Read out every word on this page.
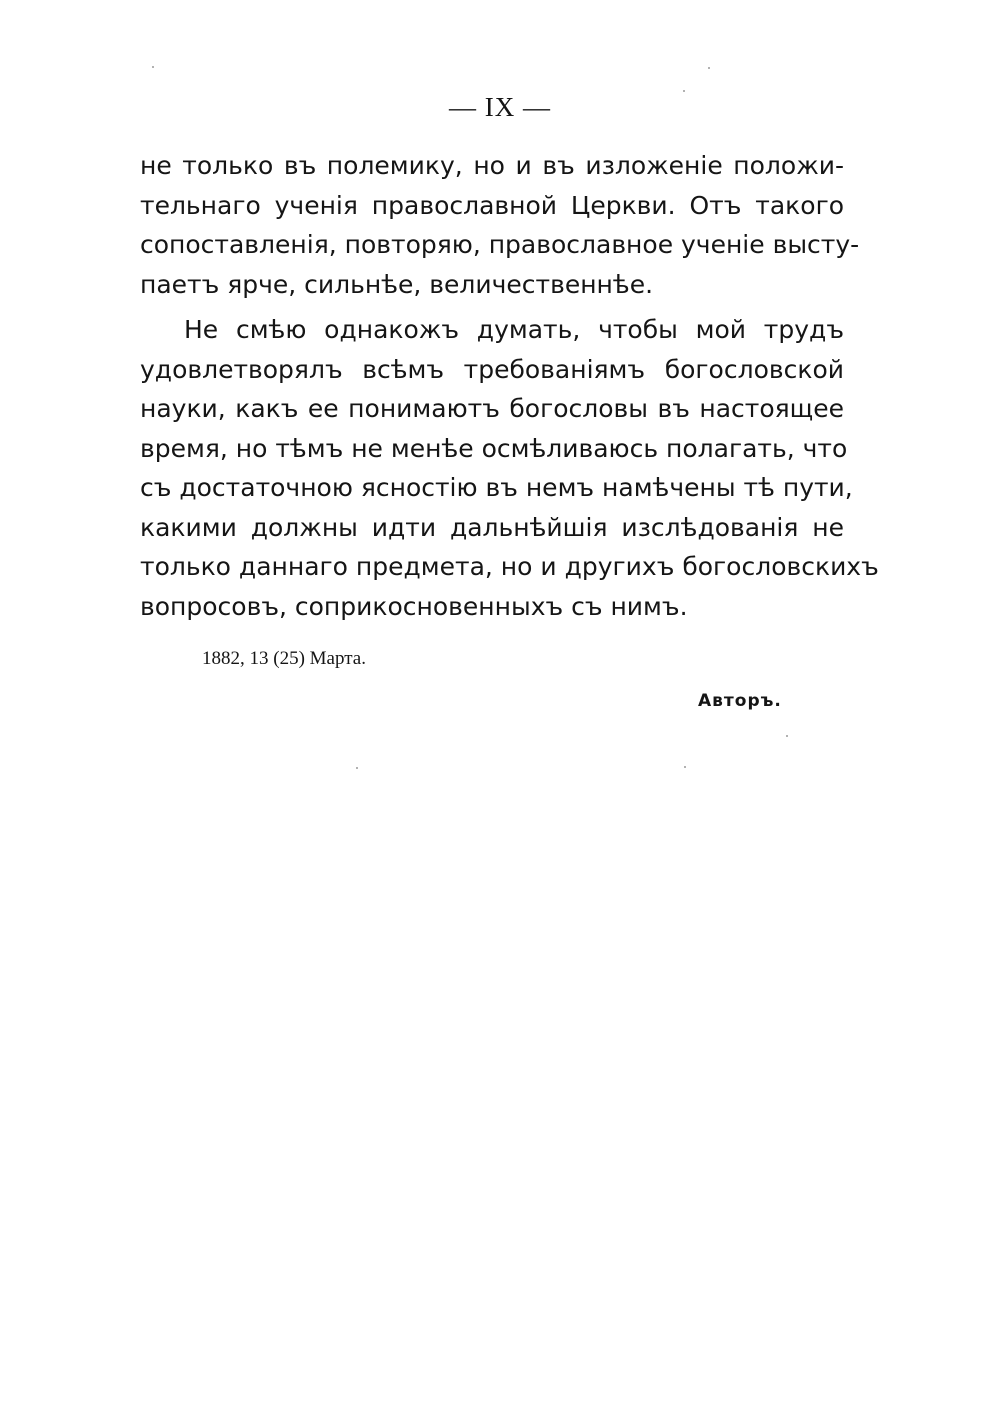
— IX —
не только въ полемику, но и въ изложеніе положи-
тельнаго ученія православной Церкви. Отъ такого
сопоставленія, повторяю, православное ученіе высту-
паетъ ярче, сильнѣе, величественнѣе.
Не смѣю однакожъ думать, чтобы мой трудъ
удовлетворялъ всѣмъ требованіямъ богословской
науки, какъ ее понимаютъ богословы въ настоящее
время, но тѣмъ не менѣе осмѣливаюсь полагать, что
съ достаточною ясностію въ немъ намѣчены тѣ пути,
какими должны идти дальнѣйшія изслѣдованія не
только даннаго предмета, но и другихъ богословскихъ
вопросовъ, соприкосновенныхъ съ нимъ.
1882, 13 (25) Марта.
Авторъ.
